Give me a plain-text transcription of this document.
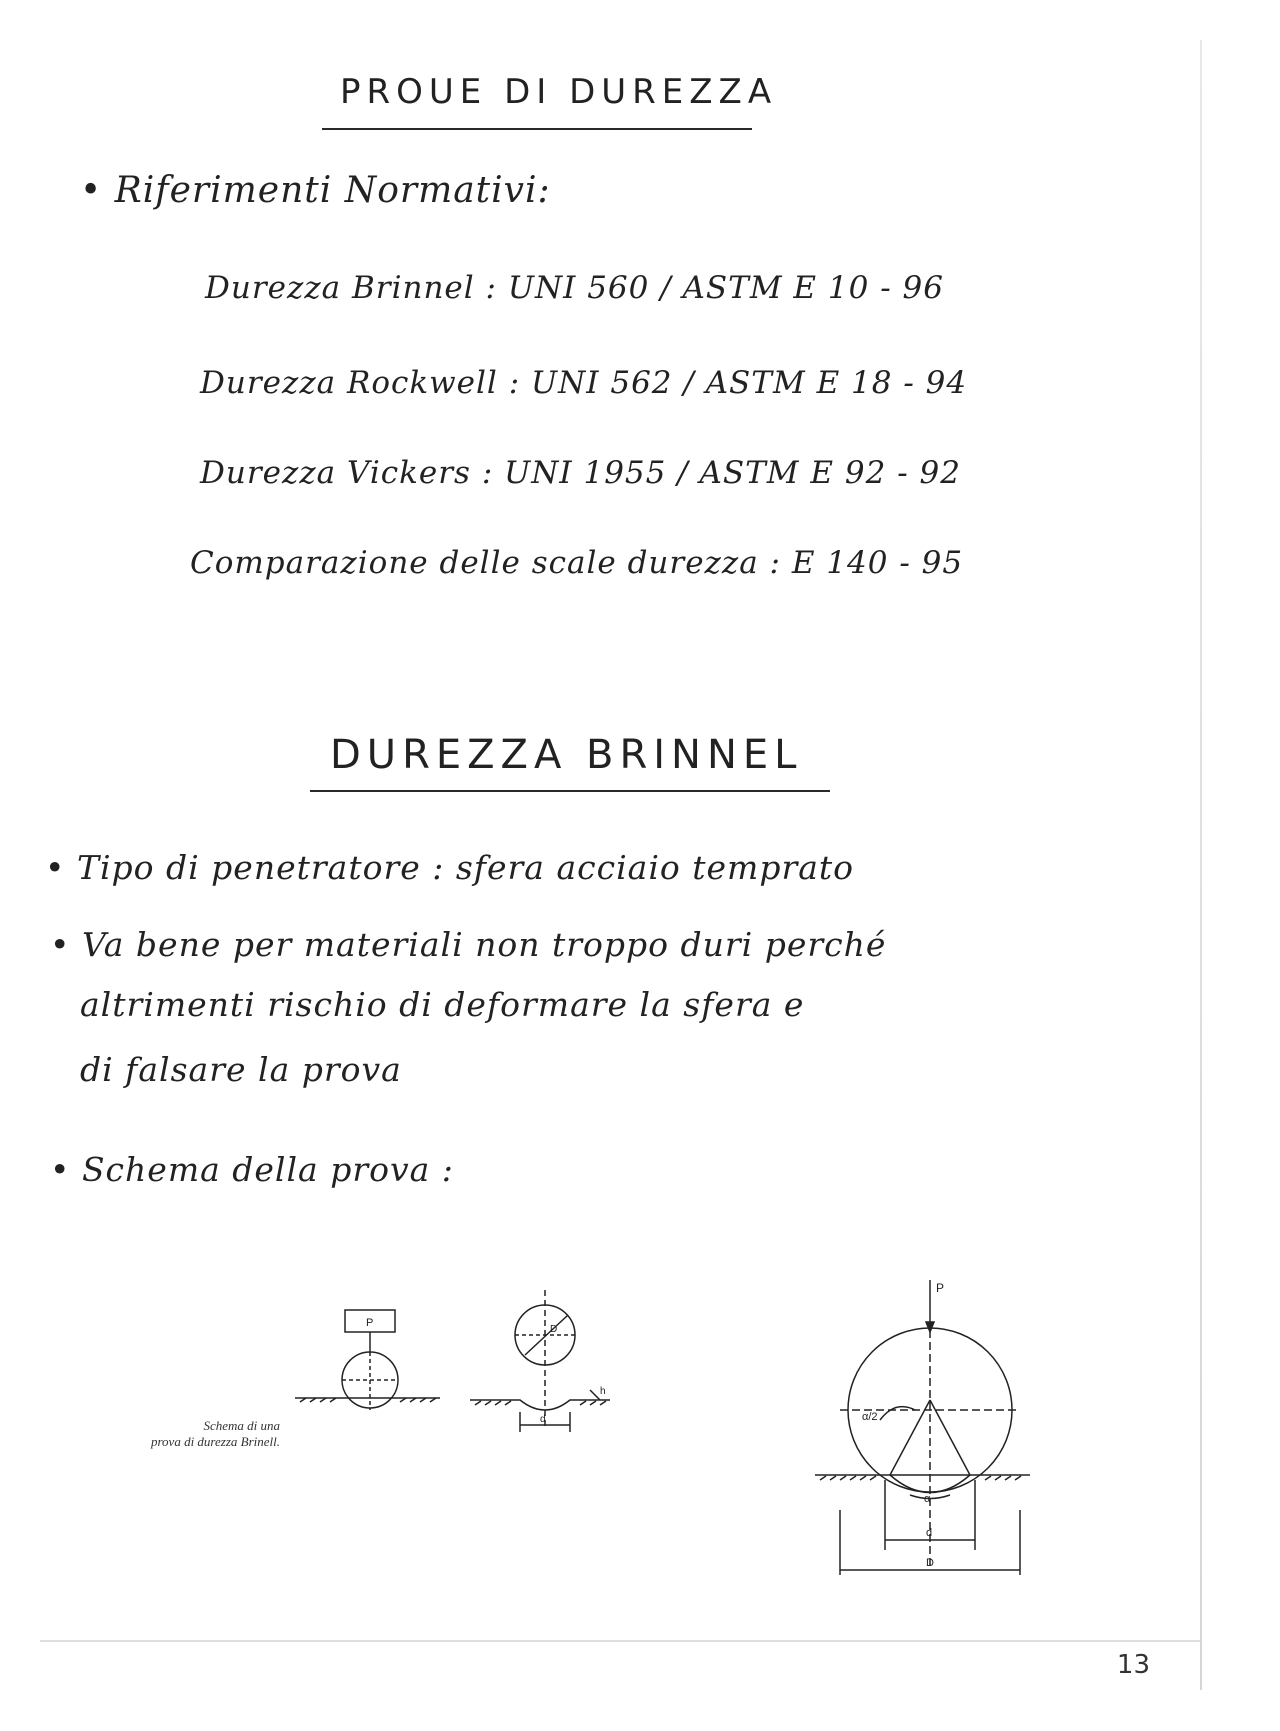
PROUE DI DUREZZA
• Riferimenti Normativi:
Durezza Brinnel : UNI 560 / ASTM E 10 - 96
Durezza Rockwell : UNI 562 / ASTM E 18 - 94
Durezza Vickers : UNI 1955 / ASTM E 92 - 92
Comparazione delle scale durezza : E 140 - 95
DUREZZA BRINNEL
• Tipo di penetratore : sfera acciaio temprato
• Va bene per materiali non troppo duri perché
altrimenti rischio di deformare la sfera e
di falsare la prova
• Schema della prova :
P
D
d
h
P
α/2
α
d
D
Schema di una
prova di durezza Brinell.
13
